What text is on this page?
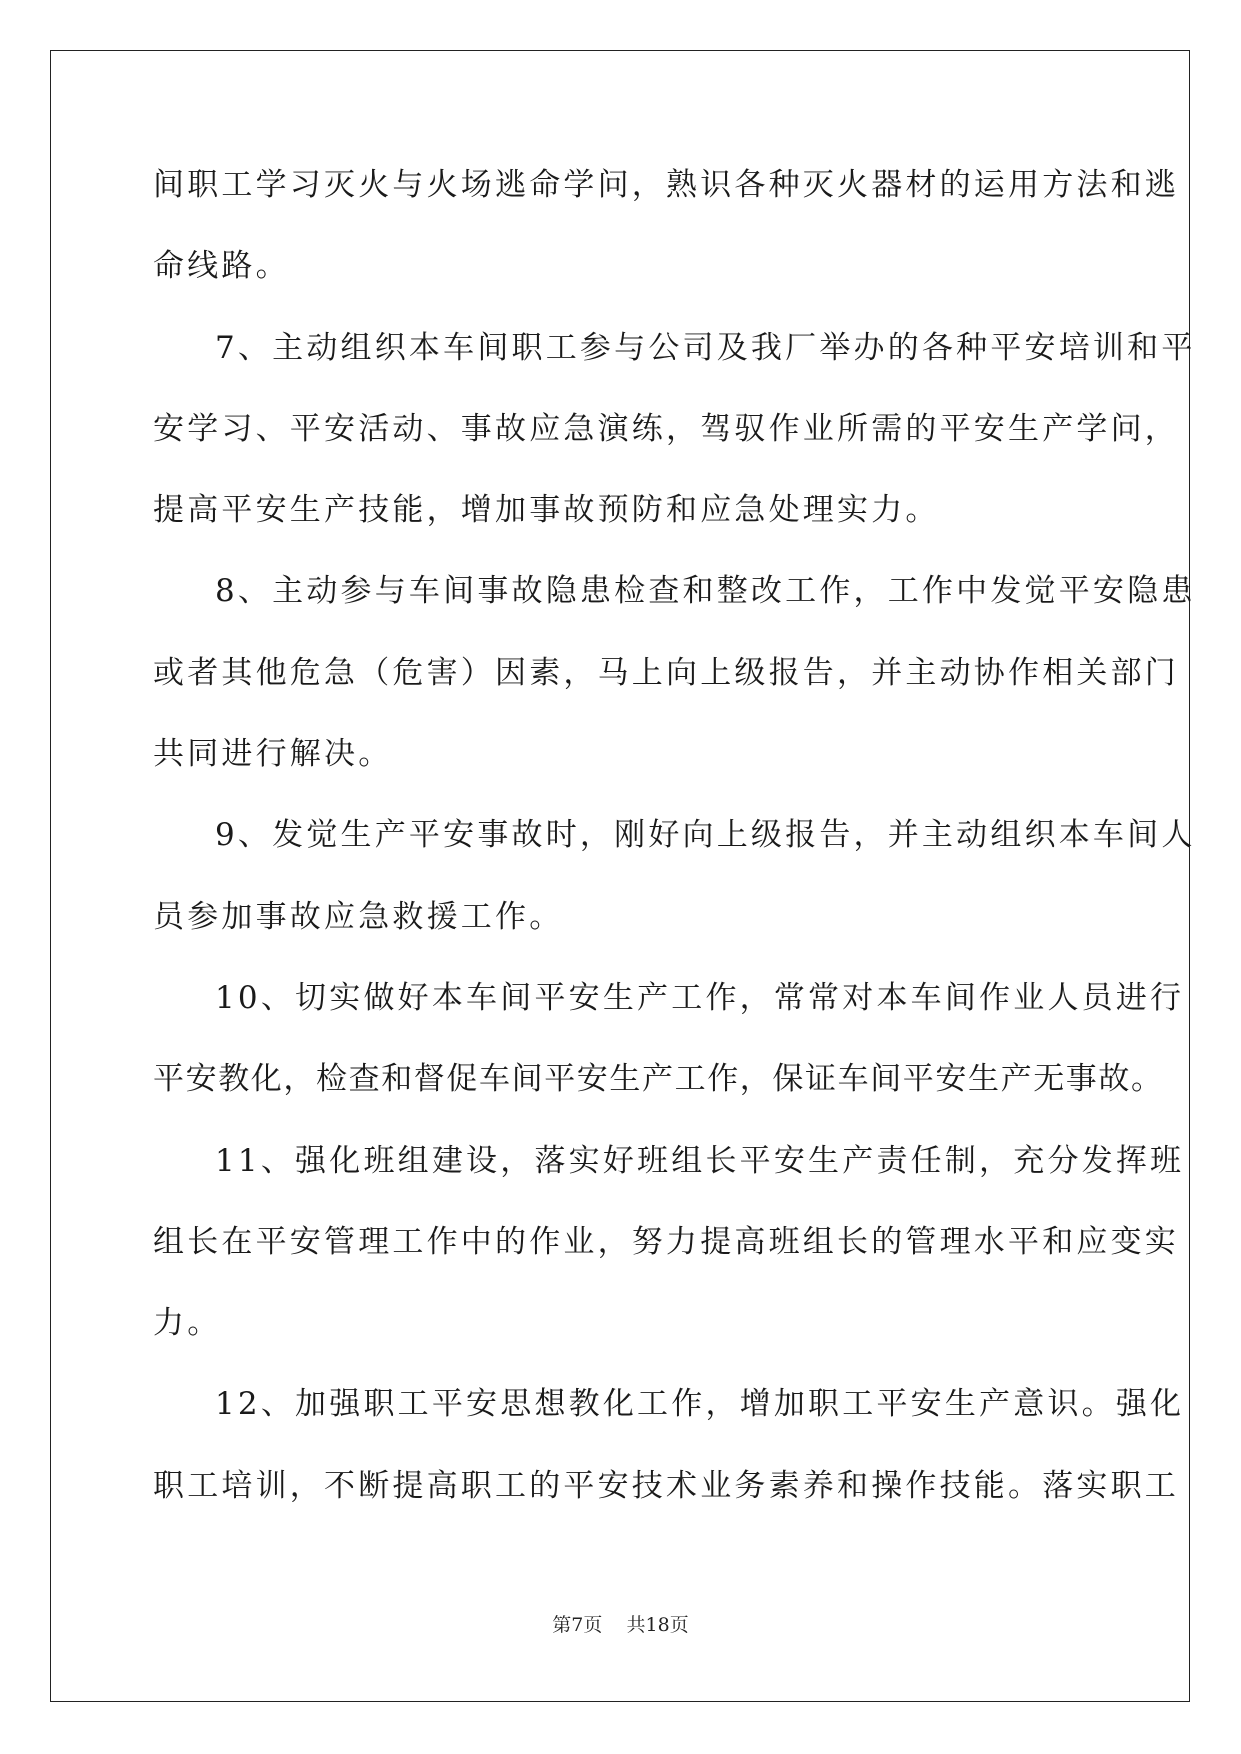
间职工学习灭火与火场逃命学问，熟识各种灭火器材的运用方法和逃
命线路。
7、主动组织本车间职工参与公司及我厂举办的各种平安培训和平
安学习、平安活动、事故应急演练，驾驭作业所需的平安生产学问，
提高平安生产技能，增加事故预防和应急处理实力。
8、主动参与车间事故隐患检查和整改工作，工作中发觉平安隐患
或者其他危急（危害）因素，马上向上级报告，并主动协作相关部门
共同进行解决。
9、发觉生产平安事故时，刚好向上级报告，并主动组织本车间人
员参加事故应急救援工作。
10、切实做好本车间平安生产工作，常常对本车间作业人员进行
平安教化，检查和督促车间平安生产工作，保证车间平安生产无事故。
11、强化班组建设，落实好班组长平安生产责任制，充分发挥班
组长在平安管理工作中的作业，努力提高班组长的管理水平和应变实
力。
12、加强职工平安思想教化工作，增加职工平安生产意识。强化
职工培训，不断提高职工的平安技术业务素养和操作技能。落实职工
第7页    共18页
